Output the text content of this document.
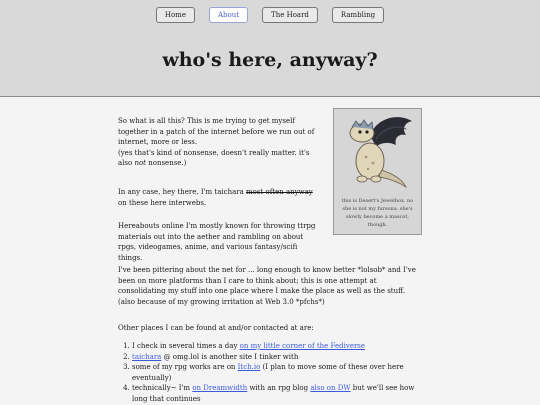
Home	About	The Hoard	Rambling
who's here, anyway?
this is Desert's Jewelbox. no she is not my fursona. she's slowly become a mascot, though.

So what is all this? This is me trying to get myself together in a patch of the internet before we run out of internet, more or less.

(yes that's kind of nonsense, doesn't really matter. it's also not nonsense.)

In any case, hey there, I'm taichara most often anyway on these here interwebs.

Hereabouts online I'm mostly known for throwing ttrpg materials out into the aether and rambling on about rpgs, videogames, anime, and various fantasy/scifi things.

I've been pittering about the net for ... long enough to know better *lolsob* and I've been on more platforms than I care to think about; this is one attempt at consolidating my stuff into one place where I make the place as well as the stuff. (also because of my growing irritation at Web 3.0 *pfchs*)

Other places I can be found at and/or contacted at are:

1. I check in several times a day on my little corner of the Fediverse
2. taichara @ omg.lol is another site I tinker with
3. some of my rpg works are on Itch.io (I plan to move some of these over here eventually)
4. technically~ I'm on Dreamwidth with an rpg blog also on DW but we'll see how long that continues
